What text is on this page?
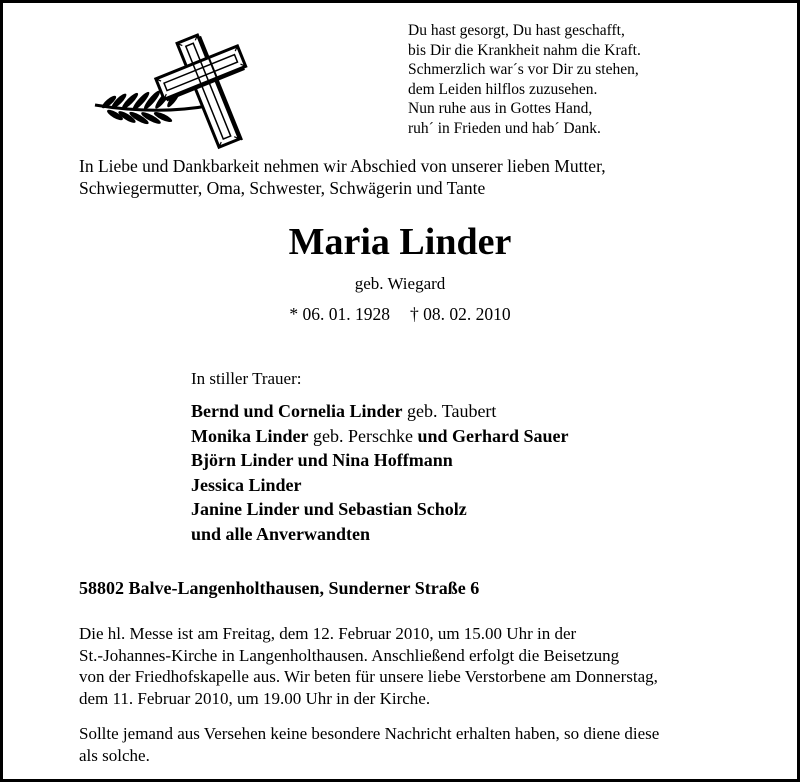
Du hast gesorgt, Du hast geschafft,
bis Dir die Krankheit nahm die Kraft.
Schmerzlich war´s vor Dir zu stehen,
dem Leiden hilflos zuzusehen.
Nun ruhe aus in Gottes Hand,
ruh´ in Frieden und hab´ Dank.
In Liebe und Dankbarkeit nehmen wir Abschied von unserer lieben Mutter,
Schwiegermutter, Oma, Schwester, Schwägerin und Tante
Maria Linder
geb. Wiegard
* 06. 01. 1928 † 08. 02. 2010
In stiller Trauer:
Bernd und Cornelia Linder geb. Taubert
Monika Linder geb. Perschke und Gerhard Sauer
Björn Linder und Nina Hoffmann
Jessica Linder
Janine Linder und Sebastian Scholz
und alle Anverwandten
58802 Balve-Langenholthausen, Sunderner Straße 6
Die hl. Messe ist am Freitag, dem 12. Februar 2010, um 15.00 Uhr in der
St.-Johannes-Kirche in Langenholthausen. Anschließend erfolgt die Beisetzung
von der Friedhofskapelle aus. Wir beten für unsere liebe Verstorbene am Donnerstag,
dem 11. Februar 2010, um 19.00 Uhr in der Kirche.
Sollte jemand aus Versehen keine besondere Nachricht erhalten haben, so diene diese
als solche.
